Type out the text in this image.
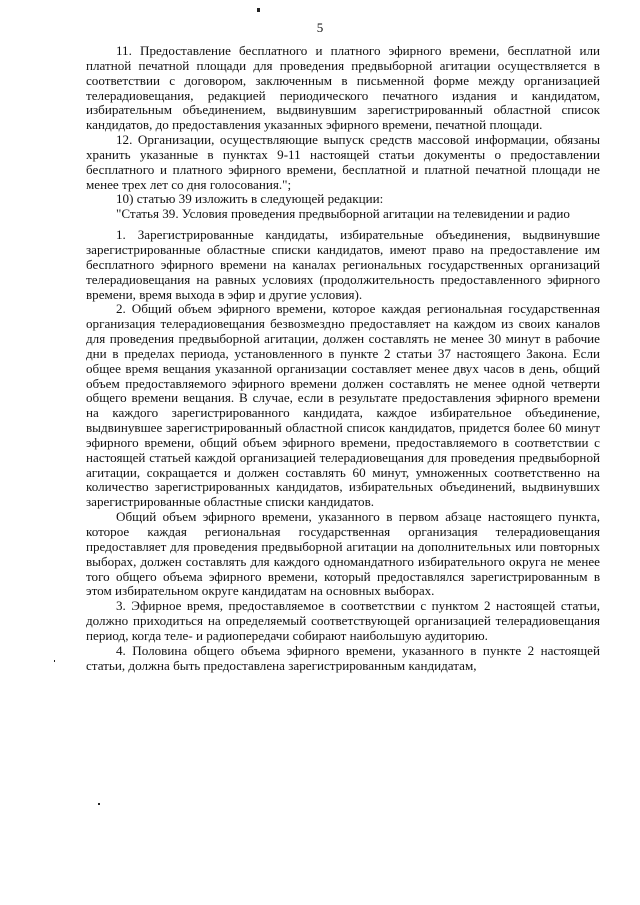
5

11. Предоставление бесплатного и платного эфирного времени, бесплатной или платной печатной площади для проведения предвыборной агитации осуществляется в соответствии с договором, заключенным в письменной форме между организацией телерадиовещания, редакцией периодического печатного издания и кандидатом, избирательным объединением, выдвинувшим зарегистрированный областной список кандидатов, до предоставления указанных эфирного времени, печатной площади.

12. Организации, осуществляющие выпуск средств массовой информации, обязаны хранить указанные в пунктах 9-11 настоящей статьи документы о предоставлении бесплатного и платного эфирного времени, бесплатной и платной печатной площади не менее трех лет со дня голосования.";

10) статью 39 изложить в следующей редакции:

"Статья 39. Условия проведения предвыборной агитации на телевидении и радио

1. Зарегистрированные кандидаты, избирательные объединения, выдвинувшие зарегистрированные областные списки кандидатов, имеют право на предоставление им бесплатного эфирного времени на каналах региональных государственных организаций телерадиовещания на равных условиях (продолжительность предоставленного эфирного времени, время выхода в эфир и другие условия).

2. Общий объем эфирного времени, которое каждая региональная государственная организация телерадиовещания безвозмездно предоставляет на каждом из своих каналов для проведения предвыборной агитации, должен составлять не менее 30 минут в рабочие дни в пределах периода, установленного в пункте 2 статьи 37 настоящего Закона. Если общее время вещания указанной организации составляет менее двух часов в день, общий объем предоставляемого эфирного времени должен составлять не менее одной четверти общего времени вещания. В случае, если в результате предоставления эфирного времени на каждого зарегистрированного кандидата, каждое избирательное объединение, выдвинувшее зарегистрированный областной список кандидатов, придется более 60 минут эфирного времени, общий объем эфирного времени, предоставляемого в соответствии с настоящей статьей каждой организацией телерадиовещания для проведения предвыборной агитации, сокращается и должен составлять 60 минут, умноженных соответственно на количество зарегистрированных кандидатов, избирательных объединений, выдвинувших зарегистрированные областные списки кандидатов.

Общий объем эфирного времени, указанного в первом абзаце настоящего пункта, которое каждая региональная государственная организация телерадиовещания предоставляет для проведения предвыборной агитации на дополнительных или повторных выборах, должен составлять для каждого одномандатного избирательного округа не менее того общего объема эфирного времени, который предоставлялся зарегистрированным в этом избирательном округе кандидатам на основных выборах.

3. Эфирное время, предоставляемое в соответствии с пунктом 2 настоящей статьи, должно приходиться на определяемый соответствующей организацией телерадиовещания период, когда теле- и радиопередачи собирают наибольшую аудиторию.

4. Половина общего объема эфирного времени, указанного в пункте 2 настоящей статьи, должна быть предоставлена зарегистрированным кандидатам,
